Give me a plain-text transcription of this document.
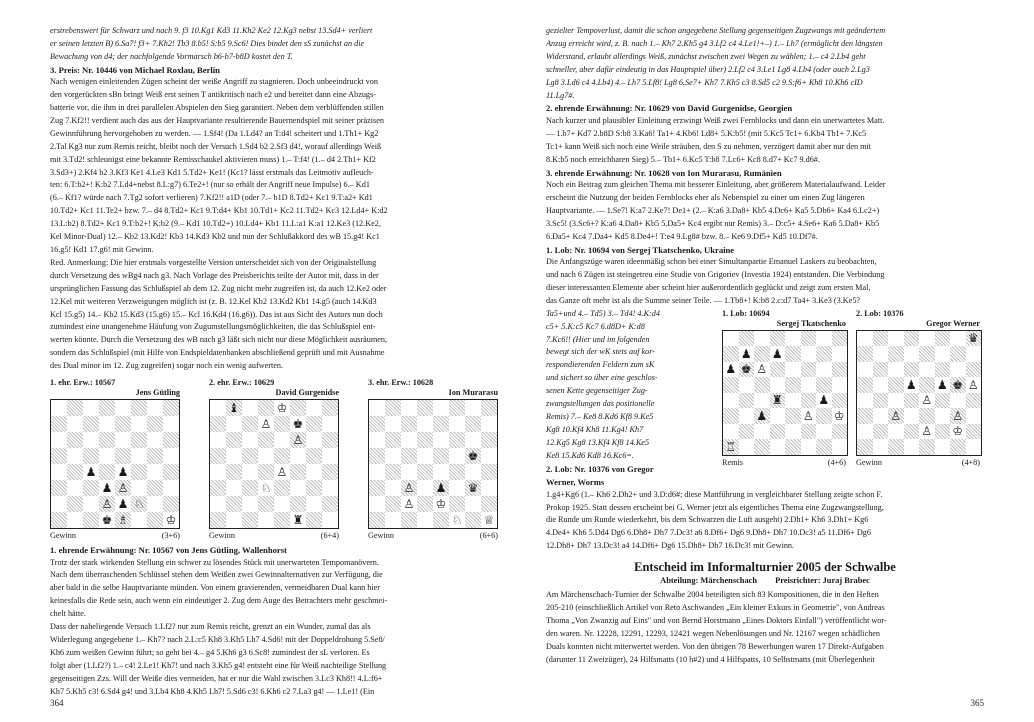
erstrebenswert für Schwarz und nach 9. f3 10.Kg1 Kd3 11.Kh2 Ke2 12.Kg3 nebst 13.Sd4+ verliert
er seinen letzten B) 6.Sa7! f3+ 7.Kh2! Tb3 8.b5! S:b5 9.Sc6! Dies bindet den sS zunächst an die
Bewachung von d4; der nachfolgende Vormarsch b6-b7-b8D kostet den T.
3. Preis: Nr. 10446 von Michael Roxlau, Berlin
Nach wenigen einleitenden Zügen scheint der weiße Angriff zu stagnieren. Doch unbeeindruckt von
den vorgerückten sBn bringt Weiß erst seinen T antikritisch nach e2 und bereitet dann eine Abzugs-
batterie vor, die ihm in drei parallelen Abspielen den Sieg garantiert. Neben dem verblüffenden stillen
Zug 7.Kf2!! verdient auch das aus der Hauptvariante resultierende Bauernendspiel mit seiner präzisen
Gewinnführung hervorgehoben zu werden. — 1.Sf4! (Da 1.Ld4? an T:d4! scheitert und 1.Th1+ Kg2
2.Tal Kg3 nur zum Remis reicht, bleibt noch der Versuch 1.Sd4 b2 2.Sf3 d4!, worauf allerdings Weiß
mit 3.Td2! schleunigst eine bekannte Remisschaukel aktivieren muss) 1.– T:f4! (1.– d4 2.Th1+ Kf2
3.Sd3+) 2.Kf4 b2 3.Kf3 Ke1 4.Le3 Kd1 5.Td2+ Ke1! (Kc1? lässt erstmals das Leitmotiv aufleuch-
ten: 6.T:b2+! K:b2 7.Ld4+nebst 8.L:g7) 6.Te2+! (nur so erhält der Angriff neue Impulse) 6.– Kd1
(6.– Kf1? würde nach 7.Tg2 sofort verlieren) 7.Kf2!! a1D (oder 7.– b1D 8.Td2+ Kc1 9.T:a2+ Kd1
10.Td2+ Kc1 11.Te2+ bzw. 7.– d4 8.Td2+ Kc1 9.T:d4+ Kb1 10.Td1+ Kc2 11.Td2+ Kc3 12.Ld4+ K:d2
13.L:b2) 8.Td2+ Kc1 9.T:b2+! K:b2 (9.– Kd1 10.Td2+) 10.Ld4+ Kb1 11.L:a1 K:a1 12.Ke3 (12.Ke2,
Kel Minor-Dual) 12.– Kb2 13.Kd2! Kb3 14.Kd3 Kb2 und nun der Schlußakkord des wB 15.g4! Kc1
16.g5! Kd1 17.g6! mit Gewinn.
Red. Anmerkung: Die hier erstmals vorgestellte Version unterscheidet sich von der Originalstellung
durch Versetzung des wBg4 nach g3. Nach Vorlage des Preisberichts teilte der Autor mit, dass in der
ursprünglichen Fassung das Schlußspiel ab dem 12. Zug nicht mehr zugreifen ist, da auch 12.Ke2 oder
12.Kel mit weiteren Verzweigungen möglich ist (z. B. 12.Kel Kb2 13.Kd2 Kb1 14.g5 (auch 14.Kd3
Kcl 15.g5) 14.– Kb2 15.Kd3 (15.g6) 15.– Kcl 16.Kd4 (16.g6)). Das ist aus Sicht des Autors nun doch
zumindest eine unangenehme Häufung von Zugumstellungsmöglichkeiten, die das Schlußspiel ent-
werten könnte. Durch die Versetzung des wB nach g3 läßt sich nicht nur diese Möglichkeit ausräumen,
sondern das Schlußspiel (mit Hilfe von Endspieldatenbanken abschließend geprüft und mit Ausnahme
des Dual minor im 12. Zug zugreifen) sogar noch ein wenig aufwerten.
1. ehr. Erw.: 10567
Jens Gütling
♟ ♟
♟ ♙
♙ ♟ ♘
♚ ♗	♔
Gewinn	(3+6)
2. ehr. Erw.: 10629
David Gurgenidse
♝	♔
♙ ♚
♙
♙
♘
♜
Gewinn	(6+4)
3. ehr. Erw.: 10628
Ion Murarasu
♚
♙ ♟ ♛
♙ ♔
♘ ♕
Gewinn	(6+6)
1. ehrende Erwähnung: Nr. 10567 von Jens Gütling, Wallenhorst
Trotz der stark wirkenden Stellung ein schwer zu lösendes Stück mit unerwarteten Tempomanövern.
Nach dem überraschenden Schlüssel stehen dem Weißen zwei Gewinnalternativen zur Verfügung, die
aber bald in die selbe Hauptvariante münden. Von einem gravierenden, vermeidbaren Dual kann hier
keinesfalls die Rede sein, auch wenn ein eindeutiger 2. Zug dem Auge des Betrachters mehr geschmei-
chelt hätte.
Dass der naheliegende Versuch 1.Lf2? nur zum Remis reicht, grenzt an ein Wunder, zumal das als
Widerlegung angegebene 1.– Kh7? nach 2.L:c5 Kh8 3.Kh5 Lh7 4.Sd6! mit der Doppeldrohung 5.Se8/
Kh6 zum weißen Gewinn führt; so geht bei 4.– g4 5.Kh6 g3 6.Sc8! zumindest der sL verloren. Es
folgt aber (1.Lf2?) 1.– c4! 2.Le1! Kh7! und nach 3.Kh5 g4! entsteht eine für Weiß nachteilige Stellung
gegenseitigen Zzs. Will der Weiße dies vermeiden, hat er nur die Wahl zwischen 3.Lc3 Kh8!! 4.L:f6+
Kh7 5.Kh5 c3! 6.Sd4 g4! und 3.Lb4 Kh8 4.Kh5 Lh7! 5.Sd6 c3! 6.Kh6 c2 7.La3 g4! — 1.Le1! (Ein
364
gezielter Tempoverlust, damit die schon angegebene Stellung gegenseitigen Zugzwangs mit geändertem
Anzug erreicht wird, z. B. nach 1.– Kh7 2.Kh5 g4 3.Lf2 c4 4.Le1!+–) 1.– Lh7 (ermöglicht den längsten
Widerstand, erlaubt allerdings Weiß, zunächst zwischen zwei Wegen zu wählen; 1.– c4 2.Lb4 geht
schneller, aber dafür eindeutig in das Hauptspiel über) 2.Lf2 c4 3.Le1 Lg8 4.Lb4 (oder auch 2.Lg3
Lg8 3.Ld6 c4 4.Lb4) 4.– Lh7 5.Lf8! Lg8 6.Se7+ Kh7 7.Kh5 c3 8.Sd5 c2 9.S:f6+ Kh8 10.Kh6 cID
11.Lg7#.
2. ehrende Erwähnung: Nr. 10629 von David Gurgenidse, Georgien
Nach kurzer und plausibler Einleitung erzwingt Weiß zwei Fernblocks und dann ein unerwartetes Matt.
— 1.b7+ Kd7 2.b8D S:b8 3.Ka6! Ta1+ 4.Kb6! Ld8+ 5.K:b5! (mit 5.Kc5 Tc1+ 6.Kb4 Tb1+ 7.Kc5
Tc1+ kann Weiß sich noch eine Weile sträuben, den S zu nehmen, verzögert damit aber nur den mit
8.K:b5 noch erreichbaren Sieg) 5.– Tb1+ 6.Kc5 T:b8 7.Lc6+ Kc8 8.d7+ Kc7 9.d6#.
3. ehrende Erwähnung: Nr. 10628 von Ion Murarasu, Rumänien
Noch ein Beitrag zum gleichen Thema mit besserer Einleitung, aber größerem Materialaufwand. Leider
erscheint die Nutzung der beiden Fernblocks eher als Nebenspiel zu einer um einen Zug längeren
Hauptvariante. — 1.Se7! K:a7 2.Ke7! De1+ (2.– K:a6 3.Da8+ Kb5 4.Dc6+ Ka5 5.Db6+ Ka4 6.Lc2+)
3.Sc5! (3.Sc6+? K:a6 4.Da8+ Kb5 5.Da5+ Kc4 ergibt nur Remis) 3.– D:c5+ 4.Se6+ Ka6 5.Da8+ Kb5
6.Da5+ Kc4 7.Da4+ Kd5 8.De4+! T:e4 9.Lg8# bzw. 8.– Ke6 9.Df5+ Kd5 10.Df7#.
1. Lob: Nr. 10694 von Sergej Tkatschenko, Ukraine
Die Anfangszüge waren ideenmäßig schon bei einer Simultanpartie Emanuel Laskers zu beobachten,
und nach 6 Zügen ist steingetreu eine Studie von Grigoriev (Investia 1924) entstanden. Die Verbindung
dieser interessanten Elemente aber scheint hier außerordentlich geglückt und zeigt zum ersten Mal,
das Ganze oft mehr ist als die Summe seiner Teile. — 1.Tb8+! K:b8 2.c:d7 Ta4+ 3.Ke3 (3.Ke5?
Ta5+und 4.– Td5) 3.– Td4! 4.K:d4
c5+ 5.K:c5 Kc7 6.d8D+ K:d8
7.Kc6!! (Hier und im folgenden
bewegt sich der wK stets auf kor-
respondierenden Feldern zum sK
und sichert so über eine geschlos-
senen Kette gegenseitiger Zug-
zwangstellungen das positionelle
Remis) 7.– Ke8 8.Kd6 Kf8 9.Ke5
Kg8 10.Kf4 Kh8 11.Kg4! Kh7
12.Kg5 Kg8 13.Kf4 Kf8 14.Ke5
Ke8 15.Kd6 Kd8 16.Kc6=.
2. Lob: Nr. 10376 von Gregor
Werner, Worms
1. Lob: 10694
Sergej Tkatschenko
♟ ♟
♟ ♚ ♙
♜	♟
♟	♙ ♔
♖
Remis	(4+6)
2. Lob: 10376
Gregor Werner
♛
♟ ♟ ♚ ♙
♙
♙	♙
♙ ♔
Gewinn	(4+8)
1.g4+Kg6 (1.– Kh6 2.Dh2+ und 3.D:d6#; diese Mattführung in vergleichbarer Stellung zeigte schon F.
Prokop 1925. Statt dessen erscheint bei G. Werner jetzt als eigentliches Thema eine Zugzwangstellung,
die Runde um Runde wiederkehrt, bis dem Schwarzen die Luft ausgeht) 2.Dh1+ Kh6 3.Dh1+ Kg6
4.De4+ Kh6 5.Dd4 Dg6 6.Dh8+ Dh7 7.Dc3! a6 8.Df6+ Dg6 9.Dh8+ Dh7 10.Dc3! a5 11.Df6+ Dg6
12.Dh8+ Dh7 13.Dc3! a4 14.Df6+ Dg6 15.Dh8+ Dh7 16.Dc3! mit Gewinn.
Entscheid im Informalturnier 2005 der Schwalbe
Abteilung: Märchenschach Preisrichter: Juraj Brabec
Am Märchenschach-Turnier der Schwalbe 2004 beteiligten sich 83 Kompositionen, die in den Heften
205-210 (einschließlich Artikel von Reto Aschwanden „Ein kleiner Exkurs in Geometrie", von Andreas
Thoma „Von Zwanzig auf Eins" und von Bernd Horstmann „Eines Doktors Einfall") veröffentlicht wor-
den waren. Nr. 12228, 12291, 12293, 12421 wegen Nebenlösungen und Nr. 12167 wegen schädlichen
Duals konnten nicht miterwertet werden. Von den übrigen 78 Bewerbungen waren 17 Direkt-Aufgaben
(darunter 11 Zweizüger), 24 Hilfsmatts (10 h#2) und 4 Hilfspatts, 10 Selbstmatts (mit Überlegenheit
365
